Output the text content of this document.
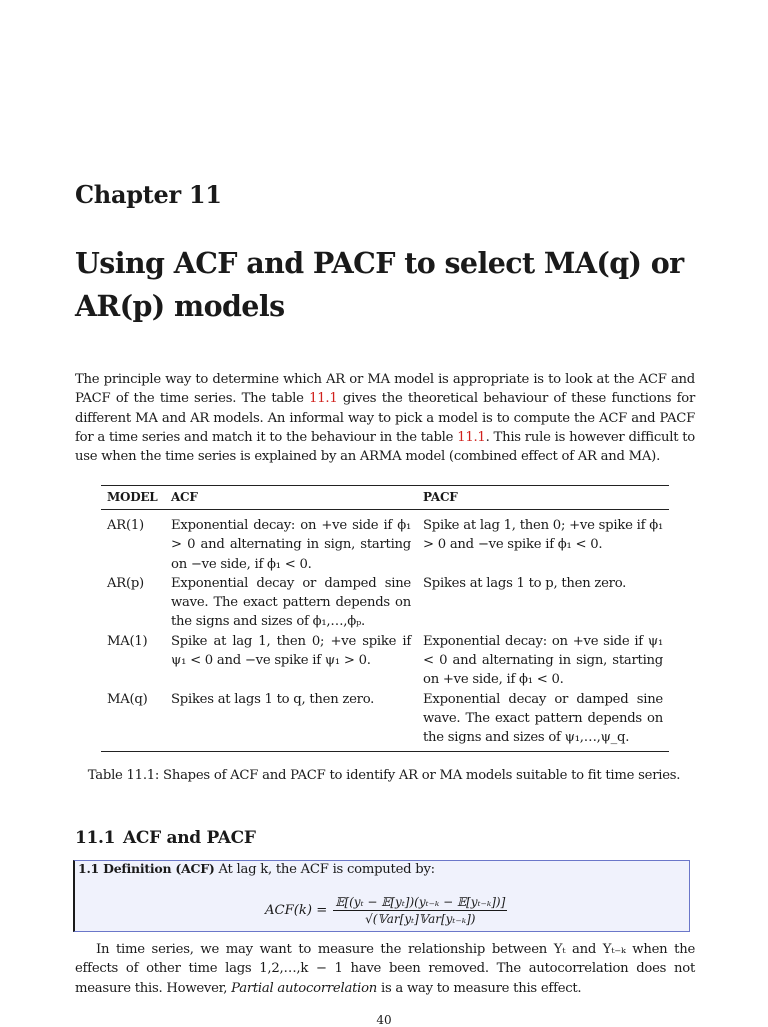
Chapter 11
Using ACF and PACF to select MA(q) or AR(p) models

The principle way to determine which AR or MA model is appropriate is to look at the ACF and PACF of the time series. The table 11.1 gives the theoretical behaviour of these functions for different MA and AR models. An informal way to pick a model is to compute the ACF and PACF for a time series and match it to the behaviour in the table 11.1. This rule is however difficult to use when the time series is explained by an ARMA model (combined effect of AR and MA).

MODEL	ACF	PACF
AR(1)	Exponential decay: on +ve side if ϕ₁ > 0 and alternating in sign, starting on −ve side, if ϕ₁ < 0.	Spike at lag 1, then 0; +ve spike if ϕ₁ > 0 and −ve spike if ϕ₁ < 0.
AR(p)	Exponential decay or damped sine wave. The exact pattern depends on the signs and sizes of ϕ₁,…,ϕₚ.	Spikes at lags 1 to p, then zero.
MA(1)	Spike at lag 1, then 0; +ve spike if ψ₁ < 0 and −ve spike if ψ₁ > 0.	Exponential decay: on +ve side if ψ₁ < 0 and alternating in sign, starting on +ve side, if ϕ₁ < 0.
MA(q)	Spikes at lags 1 to q, then zero.	Exponential decay or damped sine wave. The exact pattern depends on the signs and sizes of ψ₁,…,ψ_q.

Table 11.1: Shapes of ACF and PACF to identify AR or MA models suitable to fit time series.

11.1 ACF and PACF
1.1 Definition (ACF) At lag k, the ACF is computed by:
$ACF(k) = \frac{\text{𝔼[(yₜ − 𝔼[yₜ])(yₜ₋ₖ − 𝔼[yₜ₋ₖ])]}}{\text{√(𝕍ar[yₜ]𝕍ar[yₜ₋ₖ])}}$

In time series, we may want to measure the relationship between Yₜ and Yₜ₋ₖ when the effects of other time lags 1,2,…,k − 1 have been removed. The autocorrelation does not measure this. However, Partial autocorrelation is a way to measure this effect.

40
